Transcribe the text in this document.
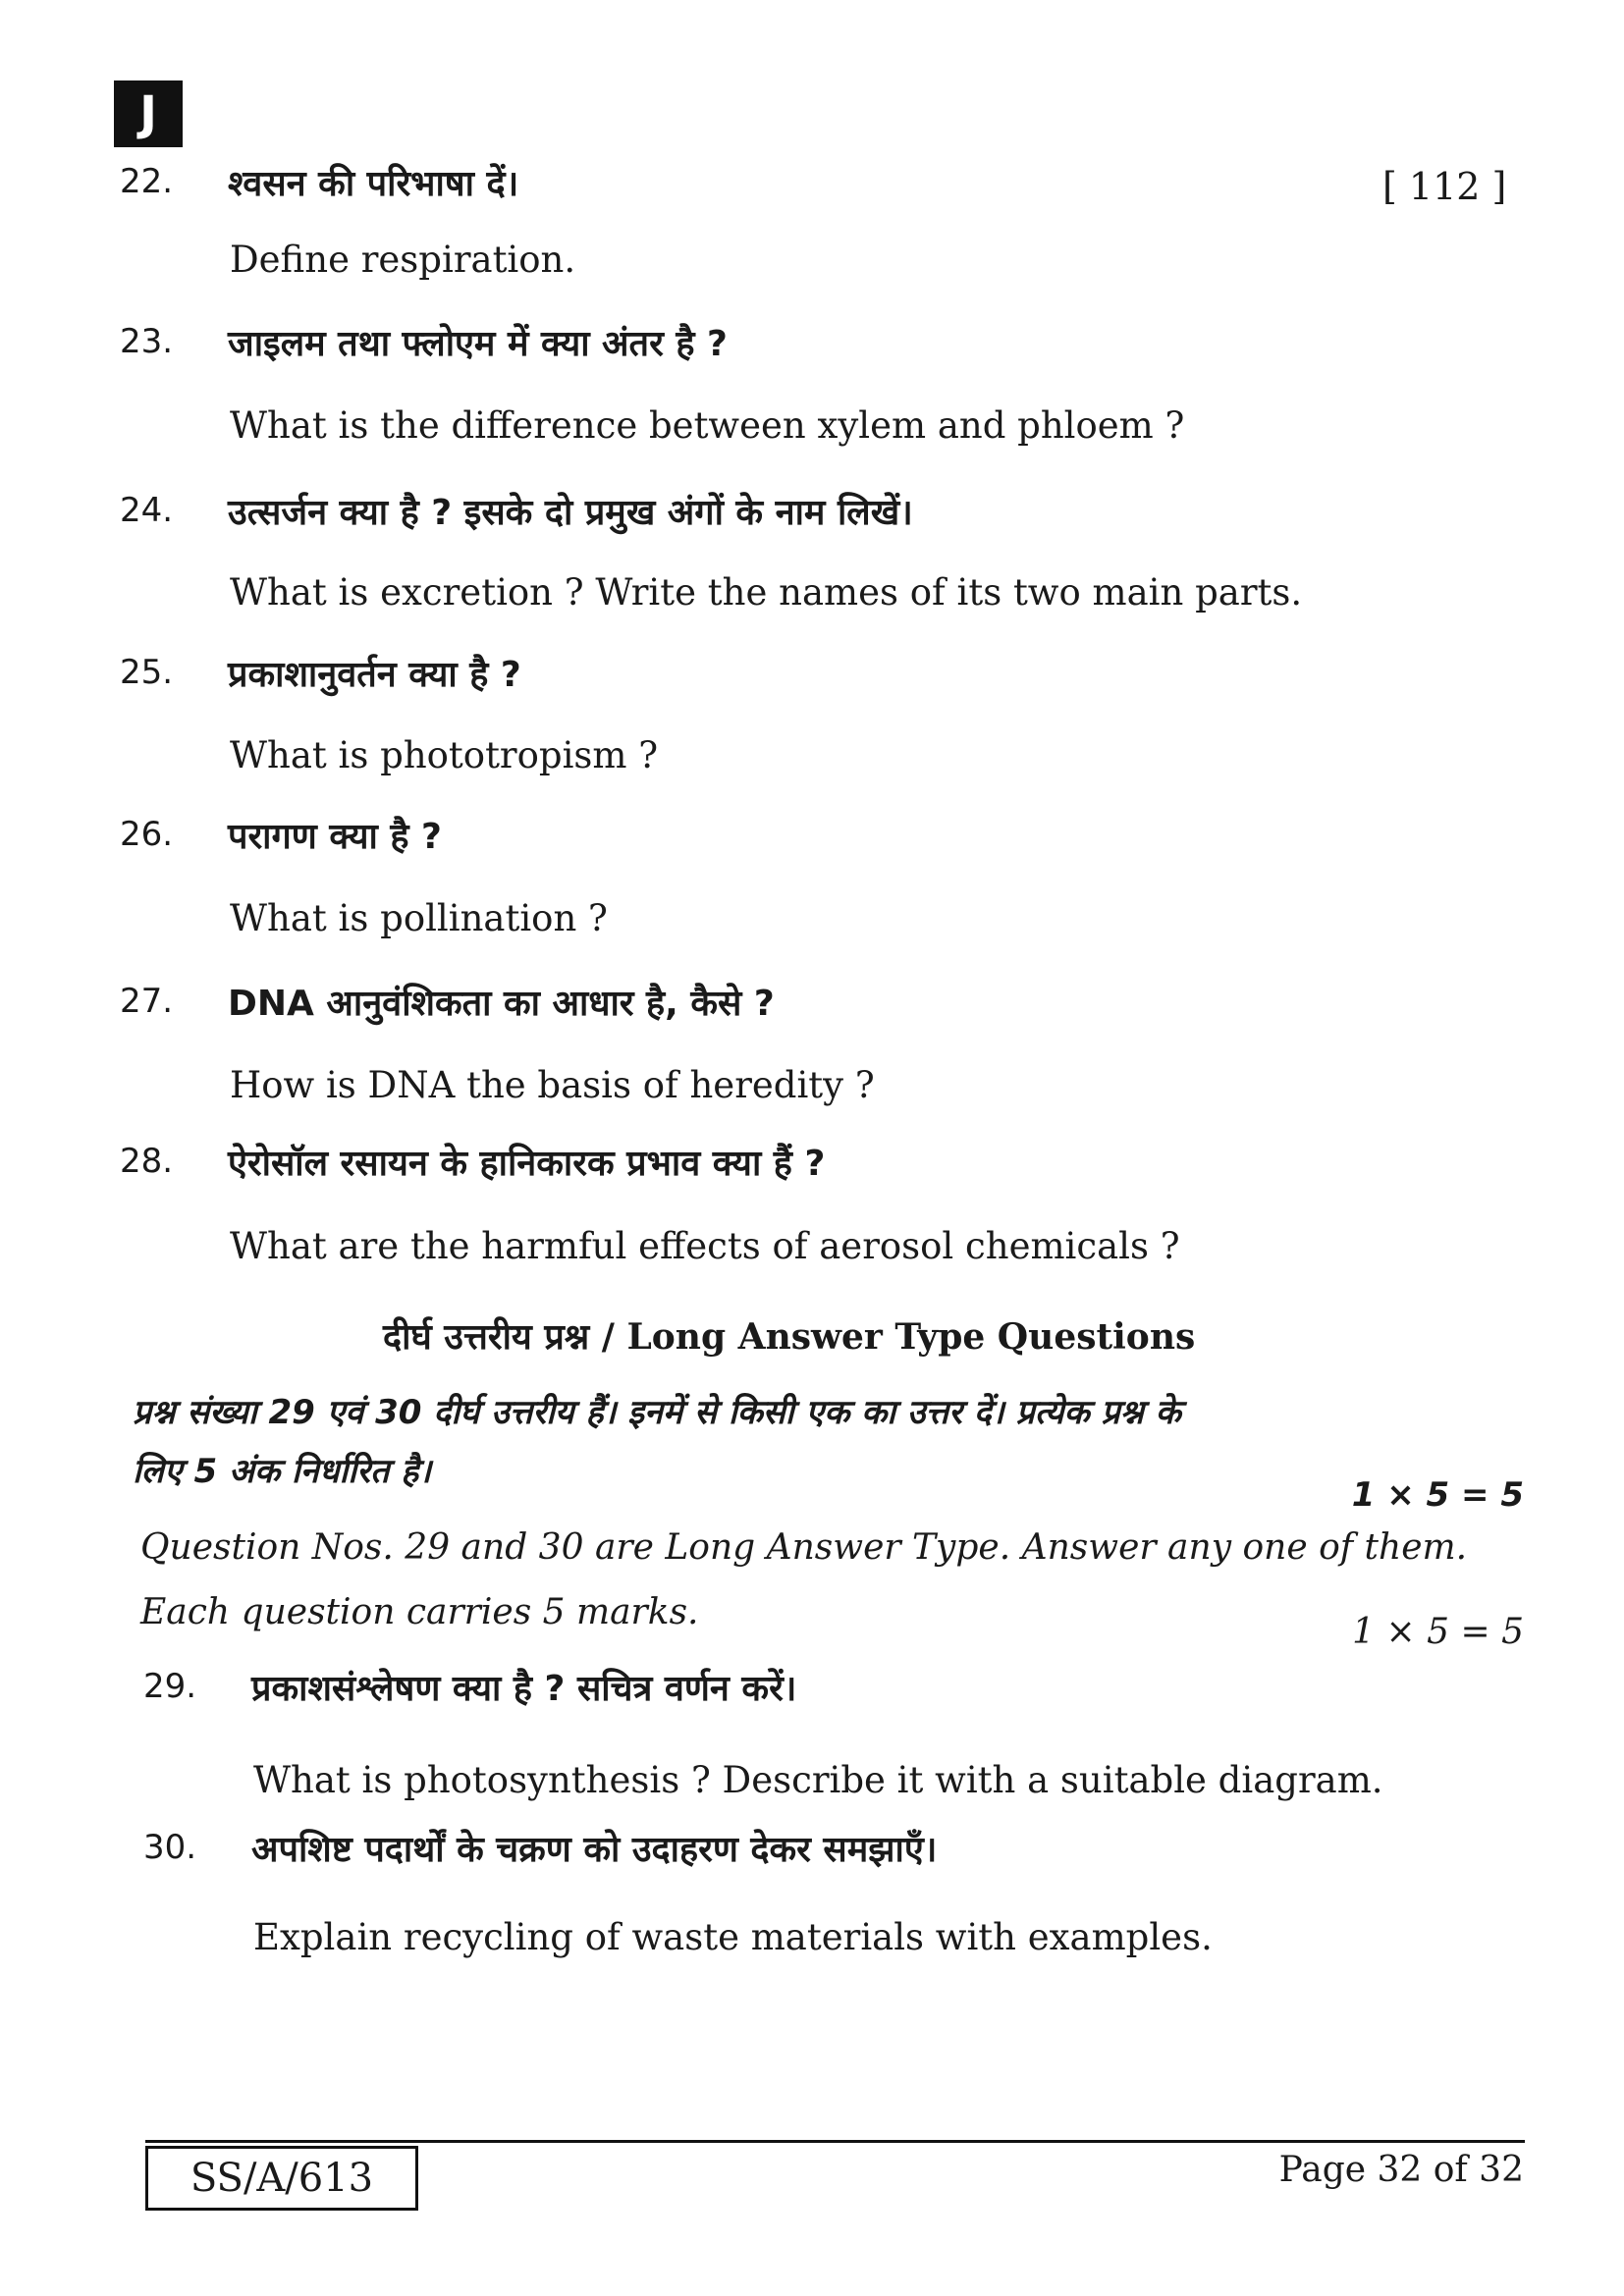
J
[ 112 ]
22. श्वसन की परिभाषा दें।
Define respiration.
23. जाइलम तथा फ्लोएम में क्या अंतर है ?
What is the difference between xylem and phloem ?
24. उत्सर्जन क्या है ? इसके दो प्रमुख अंगों के नाम लिखें।
What is excretion ? Write the names of its two main parts.
25. प्रकाशानुवर्तन क्या है ?
What is phototropism ?
26. परागण क्या है ?
What is pollination ?
27. DNA आनुवंशिकता का आधार है, कैसे ?
How is DNA the basis of heredity ?
28. ऐरोसॉल रसायन के हानिकारक प्रभाव क्या हैं ?
What are the harmful effects of aerosol chemicals ?
दीर्घ उत्तरीय प्रश्न / Long Answer Type Questions
प्रश्न संख्या 29 एवं 30 दीर्घ उत्तरीय हैं। इनमें से किसी एक का उत्तर दें। प्रत्येक प्रश्न के
लिए 5 अंक निर्धारित है।
1 × 5 = 5
Question Nos. 29 and 30 are Long Answer Type. Answer any one of them.
Each question carries 5 marks.	1 × 5 = 5
29. प्रकाशसंश्लेषण क्या है ? सचित्र वर्णन करें।
What is photosynthesis ? Describe it with a suitable diagram.
30. अपशिष्ट पदार्थों के चक्रण को उदाहरण देकर समझाएँ।
Explain recycling of waste materials with examples.
SS/A/613	Page 32 of 32
